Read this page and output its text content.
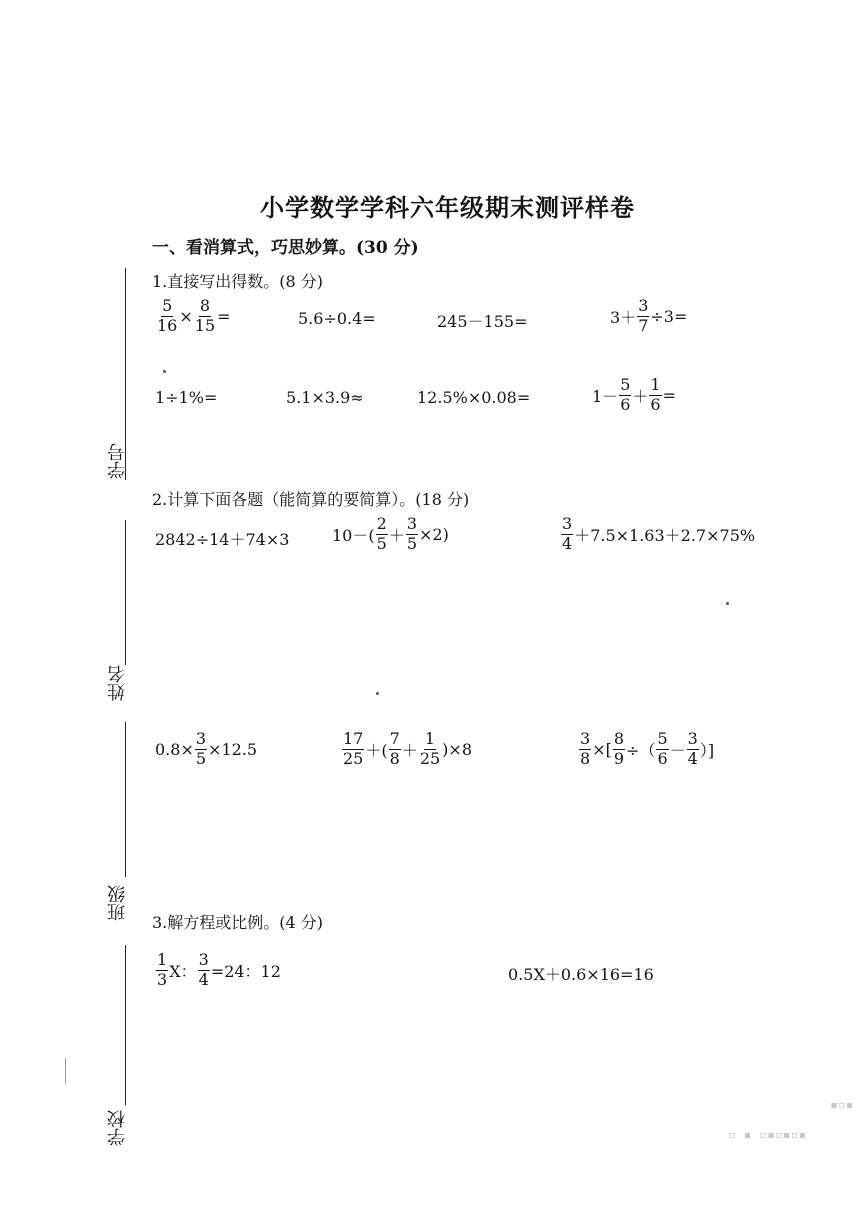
小学数学学科六年级期末测评样卷
一、看消算式，巧思妙算。(30 分)
学号
姓名
班级
学校
1.直接写出得数。(8 分)
$\frac{5}{16} \times \frac{8}{15}$ =	5.6÷0.4=	245－155=	$3+ \frac{3}{7} \div 3=$
1÷1%=	5.1×3.9≈	12.5%×0.08=	$1- \frac{5}{6} + \frac{1}{6}$ =
2.计算下面各题（能简算的要简算）。(18 分)
2842÷14＋74×3	$10-( \frac{2}{5} + \frac{3}{5} \times 2)$	$\frac{3}{4} +7.5\times 1.63+2.7\times 75\%$
$0.8\times \frac{3}{5} \times 12.5$	$\frac{17}{25}$ ＋( $\frac{7}{8} + \frac{1}{25} )\times 8$	$\frac{3}{8}$ ×[ $\frac{8}{9}$ ÷（ $\frac{5}{6} - \frac{3}{4}$ ）]
3.解方程或比例。(4 分)
$\frac{1}{3}$ X： $\frac{3}{4} =24$：12	0.5X＋0.6×16=16
▪▫▪
▫ ▪ ▫▪▫▪▫▪
